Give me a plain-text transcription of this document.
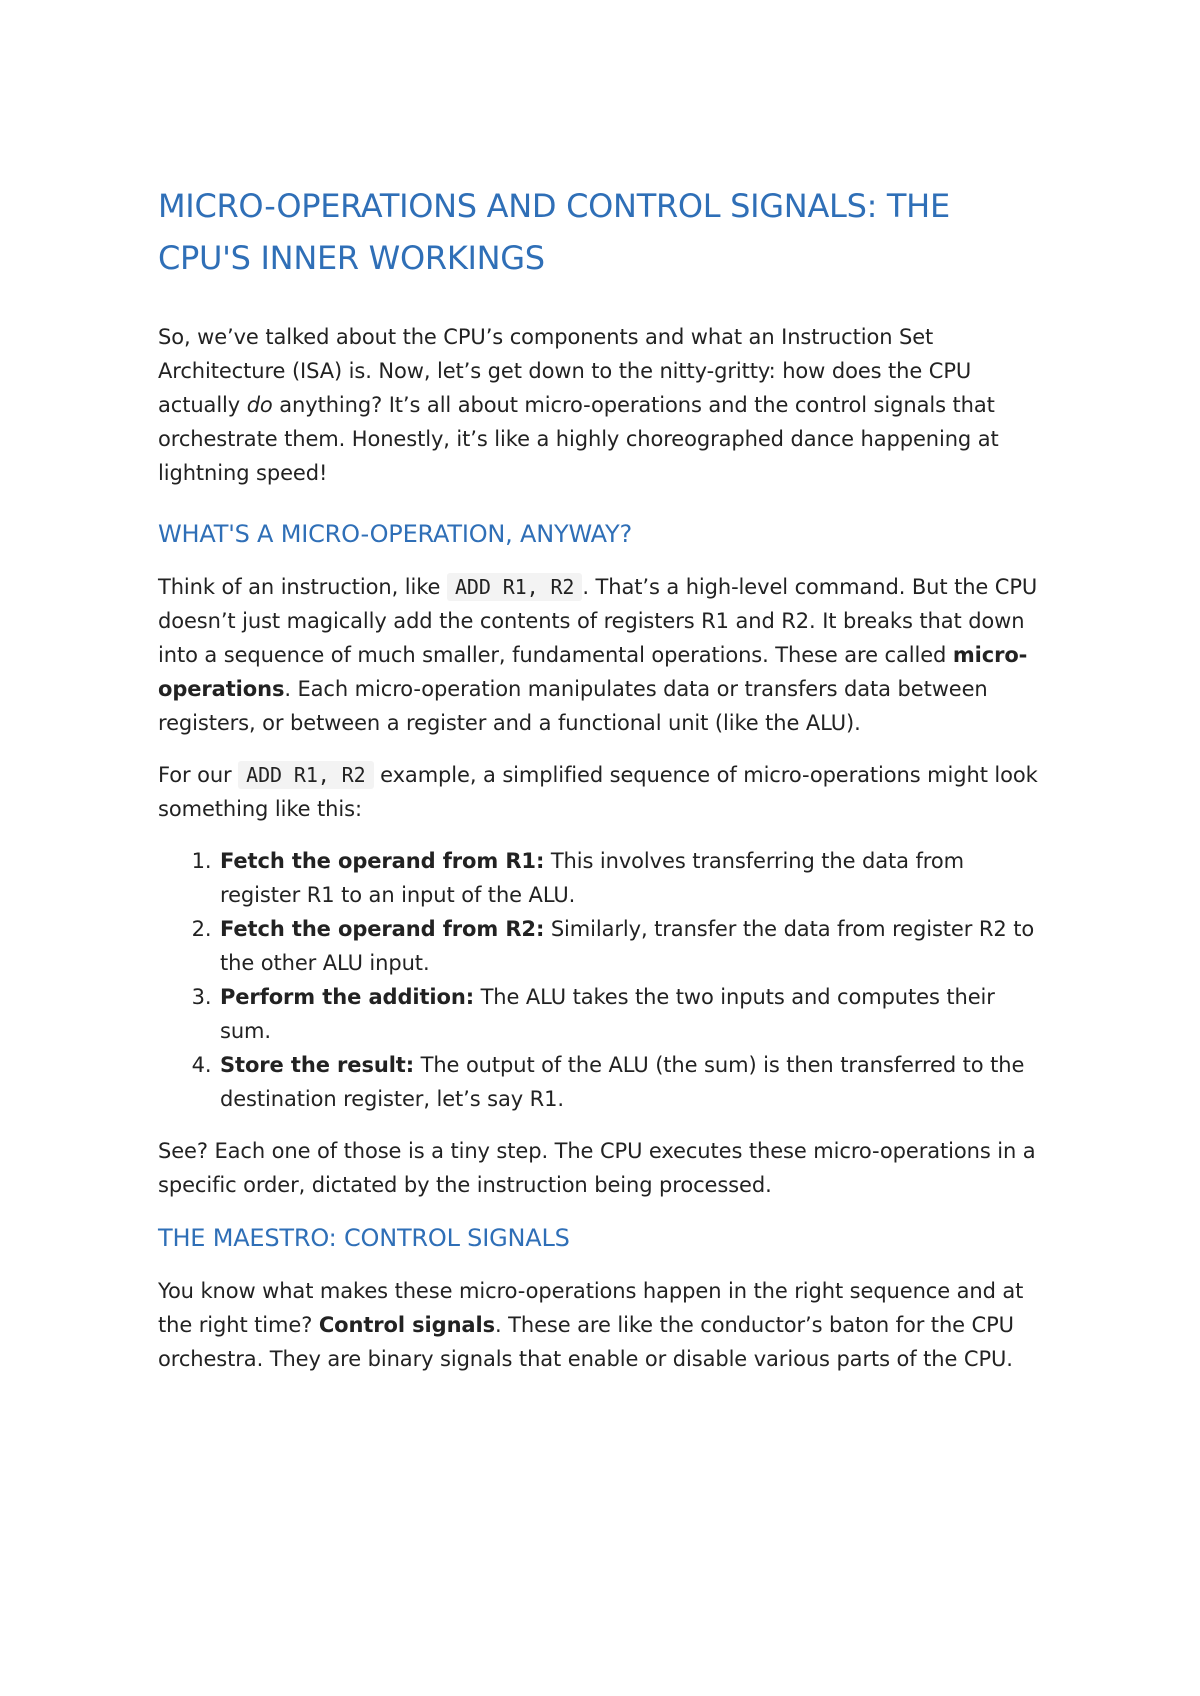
MICRO-OPERATIONS AND CONTROL SIGNALS: THE CPU'S INNER WORKINGS

So, we’ve talked about the CPU’s components and what an Instruction Set Architecture (ISA) is. Now, let’s get down to the nitty-gritty: how does the CPU actually do anything? It’s all about micro-operations and the control signals that orchestrate them. Honestly, it’s like a highly choreographed dance happening at lightning speed!

WHAT'S A MICRO-OPERATION, ANYWAY?

Think of an instruction, like ADD R1, R2 . That’s a high-level command. But the CPU doesn’t just magically add the contents of registers R1 and R2. It breaks that down into a sequence of much smaller, fundamental operations. These are called micro-operations. Each micro-operation manipulates data or transfers data between registers, or between a register and a functional unit (like the ALU).

For our ADD R1, R2 example, a simplified sequence of micro-operations might look something like this:

1. Fetch the operand from R1: This involves transferring the data from register R1 to an input of the ALU.
2. Fetch the operand from R2: Similarly, transfer the data from register R2 to the other ALU input.
3. Perform the addition: The ALU takes the two inputs and computes their sum.
4. Store the result: The output of the ALU (the sum) is then transferred to the destination register, let’s say R1.

See? Each one of those is a tiny step. The CPU executes these micro-operations in a specific order, dictated by the instruction being processed.

THE MAESTRO: CONTROL SIGNALS

You know what makes these micro-operations happen in the right sequence and at the right time? Control signals. These are like the conductor’s baton for the CPU orchestra. They are binary signals that enable or disable various parts of the CPU.
